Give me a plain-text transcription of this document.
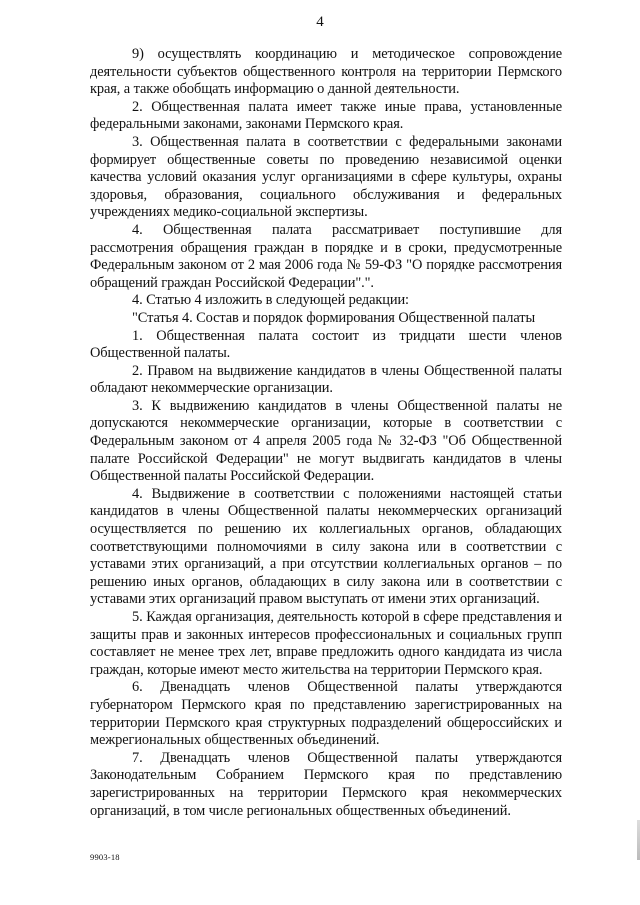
4

9) осуществлять координацию и методическое сопровождение деятельности субъектов общественного контроля на территории Пермского края, а также обобщать информацию о данной деятельности.

2. Общественная палата имеет также иные права, установленные федеральными законами, законами Пермского края.

3. Общественная палата в соответствии с федеральными законами формирует общественные советы по проведению независимой оценки качества условий оказания услуг организациями в сфере культуры, охраны здоровья, образования, социального обслуживания и федеральных учреждениях медико-социальной экспертизы.

4. Общественная палата рассматривает поступившие для рассмотрения обращения граждан в порядке и в сроки, предусмотренные Федеральным законом от 2 мая 2006 года № 59-ФЗ "О порядке рассмотрения обращений граждан Российской Федерации".".

4. Статью 4 изложить в следующей редакции:

"Статья 4. Состав и порядок формирования Общественной палаты

1. Общественная палата состоит из тридцати шести членов Общественной палаты.

2. Правом на выдвижение кандидатов в члены Общественной палаты обладают некоммерческие организации.

3. К выдвижению кандидатов в члены Общественной палаты не допускаются некоммерческие организации, которые в соответствии с Федеральным законом от 4 апреля 2005 года № 32-ФЗ "Об Общественной палате Российской Федерации" не могут выдвигать кандидатов в члены Общественной палаты Российской Федерации.

4. Выдвижение в соответствии с положениями настоящей статьи кандидатов в члены Общественной палаты некоммерческих организаций осуществляется по решению их коллегиальных органов, обладающих соответствующими полномочиями в силу закона или в соответствии с уставами этих организаций, а при отсутствии коллегиальных органов – по решению иных органов, обладающих в силу закона или в соответствии с уставами этих организаций правом выступать от имени этих организаций.

5. Каждая организация, деятельность которой в сфере представления и защиты прав и законных интересов профессиональных и социальных групп составляет не менее трех лет, вправе предложить одного кандидата из числа граждан, которые имеют место жительства на территории Пермского края.

6. Двенадцать членов Общественной палаты утверждаются губернатором Пермского края по представлению зарегистрированных на территории Пермского края структурных подразделений общероссийских и межрегиональных общественных объединений.

7. Двенадцать членов Общественной палаты утверждаются Законодательным Собранием Пермского края по представлению зарегистрированных на территории Пермского края некоммерческих организаций, в том числе региональных общественных объединений.

9903-18
